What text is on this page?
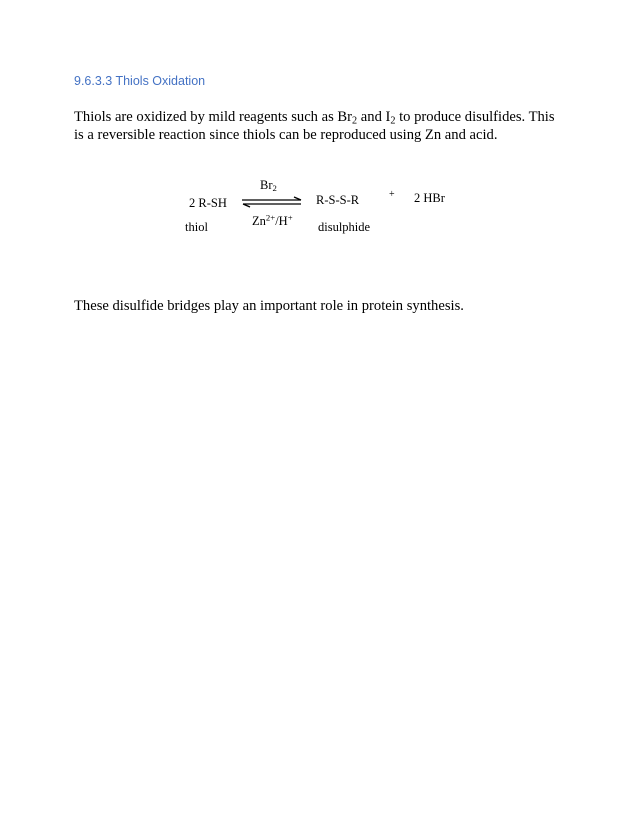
9.6.3.3 Thiols Oxidation
Thiols are oxidized by mild reagents such as $Br_2$ and $I_2$ to produce disulfides. This
is a reversible reaction since thiols can be reproduced using Zn and acid.
2 R-SH
thiol
$Br_2$
$Zn^{2+}/H^+$
R-S-S-R
disulphide
+ 2 HBr
These disulfide bridges play an important role in protein synthesis.
